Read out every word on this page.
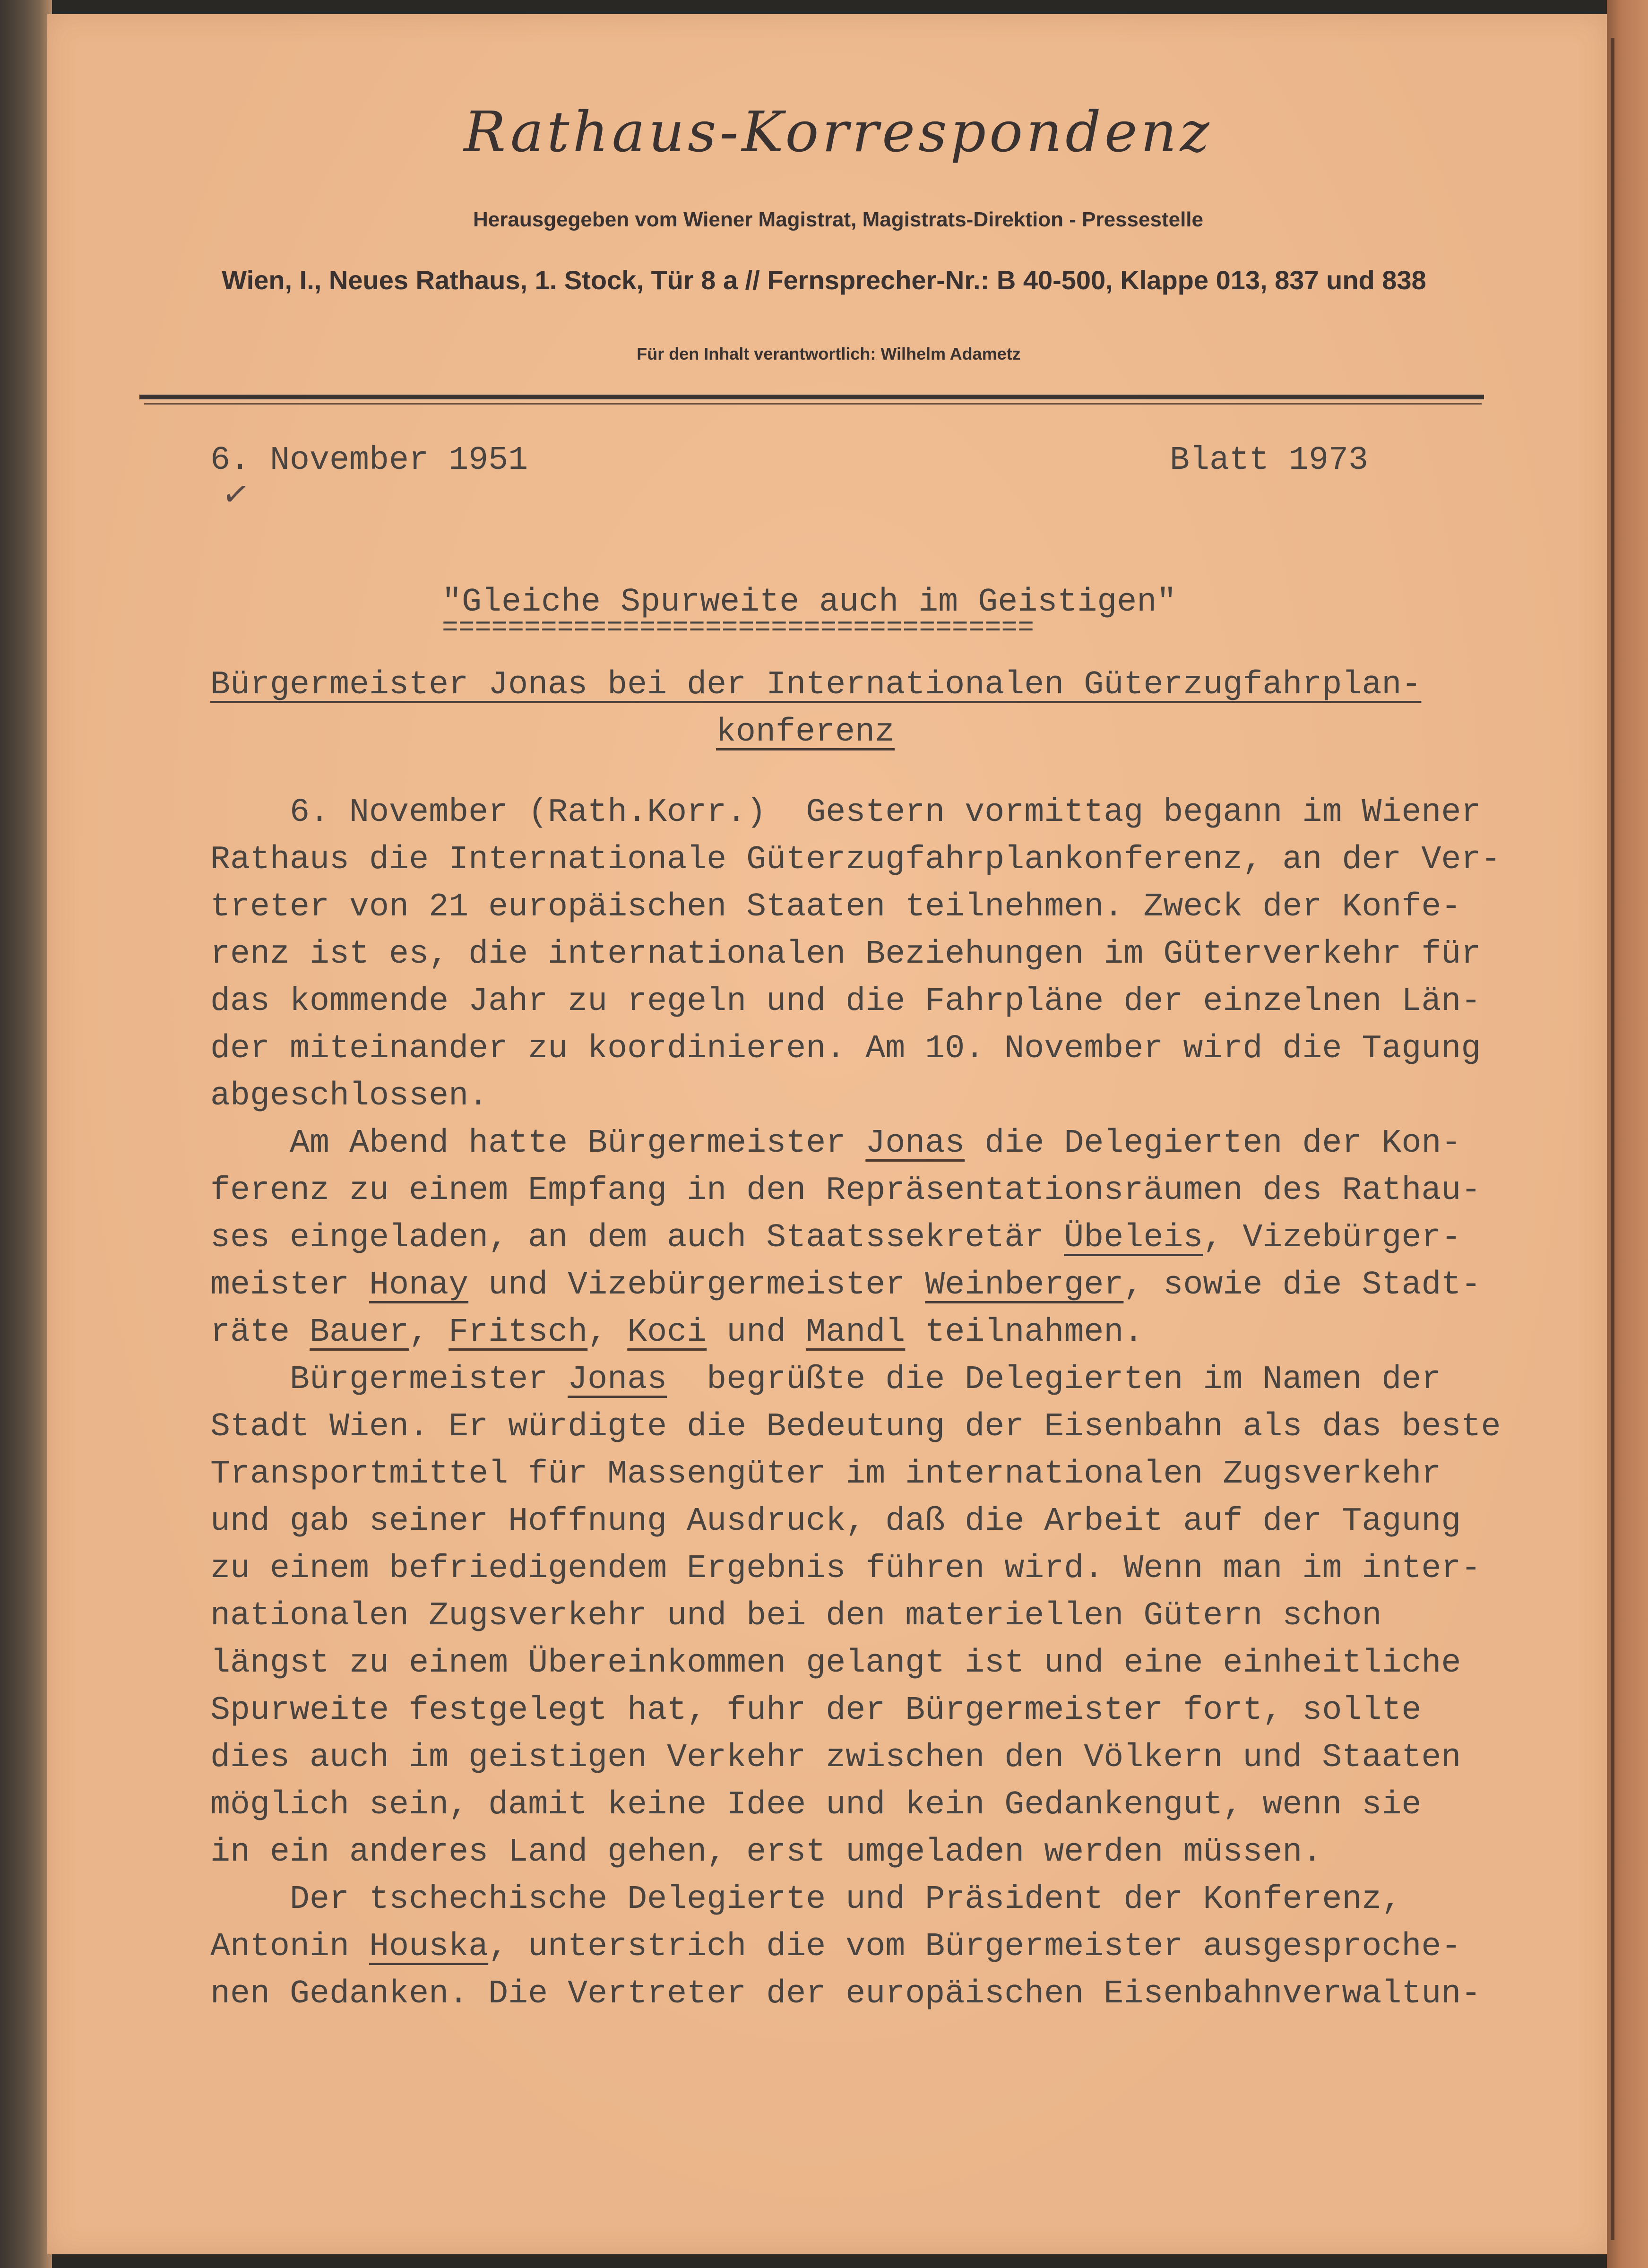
Rathaus-Korrespondenz
Herausgegeben vom Wiener Magistrat, Magistrats-Direktion - Pressestelle
Wien, I., Neues Rathaus, 1. Stock, Tür 8 a // Fernsprecher-Nr.: B 40-500, Klappe 013, 837 und 838
Für den Inhalt verantwortlich: Wilhelm Adametz
6. November 1951	Blatt 1973
✓
"Gleiche Spurweite auch im Geistigen"
====================================
Bürgermeister Jonas bei der Internationalen Güterzugfahrplan-
konferenz
6. November (Rath.Korr.)  Gestern vormittag begann im Wiener
Rathaus die Internationale Güterzugfahrplankonferenz, an der Ver-
treter von 21 europäischen Staaten teilnehmen. Zweck der Konfe-
renz ist es, die internationalen Beziehungen im Güterverkehr für
das kommende Jahr zu regeln und die Fahrpläne der einzelnen Län-
der miteinander zu koordinieren. Am 10. November wird die Tagung
abgeschlossen.
Am Abend hatte Bürgermeister Jonas die Delegierten der Kon-
ferenz zu einem Empfang in den Repräsentationsräumen des Rathau-
ses eingeladen, an dem auch Staatssekretär Übeleis, Vizebürger-
meister Honay und Vizebürgermeister Weinberger, sowie die Stadt-
räte Bauer, Fritsch, Koci und Mandl teilnahmen.
Bürgermeister Jonas  begrüßte die Delegierten im Namen der
Stadt Wien. Er würdigte die Bedeutung der Eisenbahn als das beste
Transportmittel für Massengüter im internationalen Zugsverkehr
und gab seiner Hoffnung Ausdruck, daß die Arbeit auf der Tagung
zu einem befriedigendem Ergebnis führen wird. Wenn man im inter-
nationalen Zugsverkehr und bei den materiellen Gütern schon
längst zu einem Übereinkommen gelangt ist und eine einheitliche
Spurweite festgelegt hat, fuhr der Bürgermeister fort, sollte
dies auch im geistigen Verkehr zwischen den Völkern und Staaten
möglich sein, damit keine Idee und kein Gedankengut, wenn sie
in ein anderes Land gehen, erst umgeladen werden müssen.
Der tschechische Delegierte und Präsident der Konferenz,
Antonin Houska, unterstrich die vom Bürgermeister ausgesproche-
nen Gedanken. Die Vertreter der europäischen Eisenbahnverwaltun-
